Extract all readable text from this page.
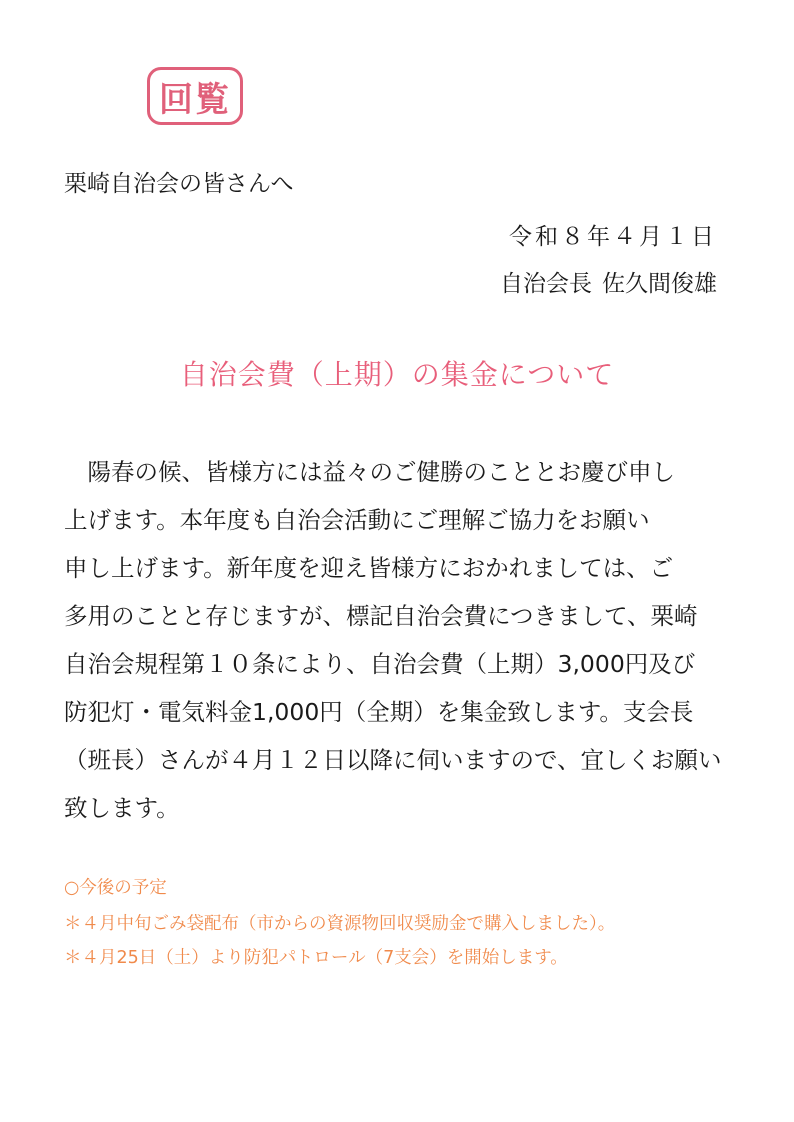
回覧
栗崎自治会の皆さんへ
令和８年４月１日
自治会長 佐久間俊雄
自治会費（上期）の集金について
　陽春の候、皆様方には益々のご健勝のこととお慶び申し
上げます。本年度も自治会活動にご理解ご協力をお願い
申し上げます。新年度を迎え皆様方におかれましては、ご
多用のことと存じますが、標記自治会費につきまして、栗崎
自治会規程第１０条により、自治会費（上期）3,000円及び
防犯灯・電気料金1,000円（全期）を集金致します。支会長
（班長）さんが４月１２日以降に伺いますので、宜しくお願い
致します。
○今後の予定
＊４月中旬ごみ袋配布（市からの資源物回収奨励金で購入しました）。
＊４月25日（土）より防犯パトロール（7支会）を開始します。
